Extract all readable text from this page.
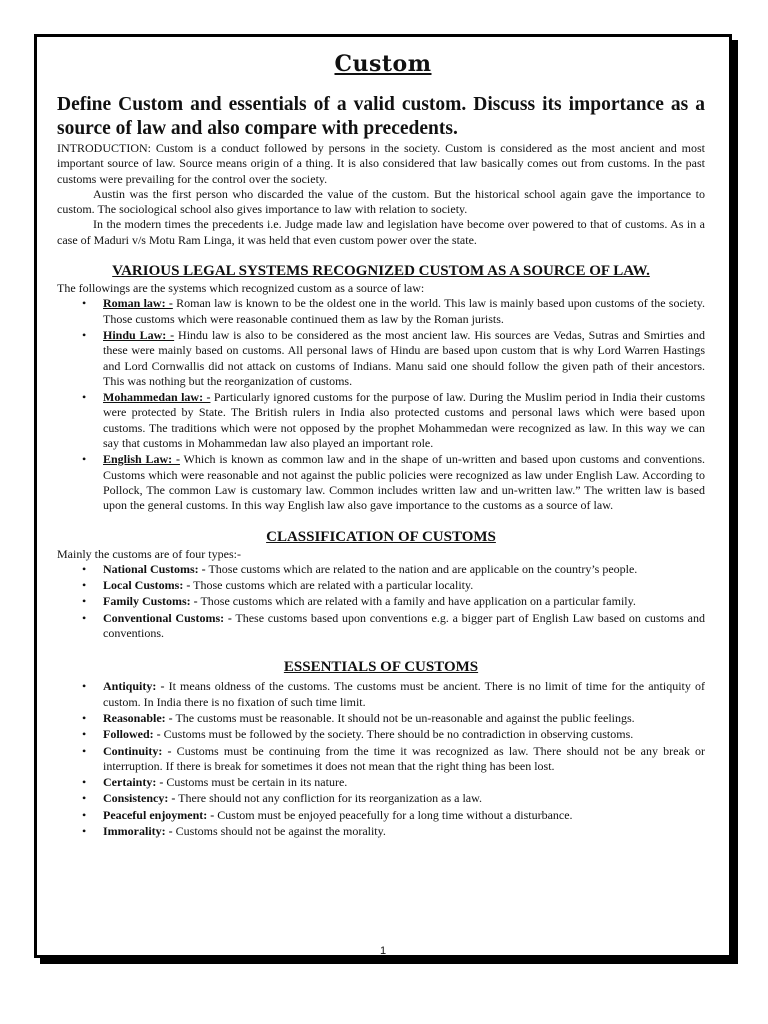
Custom

Define Custom and essentials of a valid custom. Discuss its importance as a source of law and also compare with precedents.

INTRODUCTION: Custom is a conduct followed by persons in the society. Custom is considered as the most ancient and most important source of law. Source means origin of a thing. It is also considered that law basically comes out from customs. In the past customs were prevailing for the control over the society.

Austin was the first person who discarded the value of the custom. But the historical school again gave the importance to custom. The sociological school also gives importance to law with relation to society.

In the modern times the precedents i.e. Judge made law and legislation have become over powered to that of customs. As in a case of Maduri v/s Motu Ram Linga, it was held that even custom power over the state.

VARIOUS LEGAL SYSTEMS RECOGNIZED CUSTOM AS A SOURCE OF LAW.

The followings are the systems which recognized custom as a source of law:

• Roman law: - Roman law is known to be the oldest one in the world. This law is mainly based upon customs of the society. Those customs which were reasonable continued them as law by the Roman jurists.
• Hindu Law: - Hindu law is also to be considered as the most ancient law. His sources are Vedas, Sutras and Smirties and these were mainly based on customs. All personal laws of Hindu are based upon custom that is why Lord Warren Hastings and Lord Cornwallis did not attack on customs of Indians. Manu said one should follow the given path of their ancestors. This was nothing but the reorganization of customs.
• Mohammedan law: - Particularly ignored customs for the purpose of law. During the Muslim period in India their customs were protected by State. The British rulers in India also protected customs and personal laws which were based upon customs. The traditions which were not opposed by the prophet Mohammedan were recognized as law. In this way we can say that customs in Mohammedan law also played an important role.
• English Law: - Which is known as common law and in the shape of un-written and based upon customs and conventions. Customs which were reasonable and not against the public policies were recognized as law under English Law. According to Pollock, The common Law is customary law. Common includes written law and un-written law.” The written law is based upon the general customs. In this way English law also gave importance to the customs as a source of law.
CLASSIFICATION OF CUSTOMS

Mainly the customs are of four types:-

• National Customs: - Those customs which are related to the nation and are applicable on the country’s people.
• Local Customs: - Those customs which are related with a particular locality.
• Family Customs: - Those customs which are related with a family and have application on a particular family.
• Conventional Customs: - These customs based upon conventions e.g. a bigger part of English Law based on customs and conventions.
ESSENTIALS OF CUSTOMS
• Antiquity: - It means oldness of the customs. The customs must be ancient. There is no limit of time for the antiquity of custom. In India there is no fixation of such time limit.
• Reasonable: - The customs must be reasonable. It should not be un-reasonable and against the public feelings.
• Followed: - Customs must be followed by the society. There should be no contradiction in observing customs.
• Continuity: - Customs must be continuing from the time it was recognized as law. There should not be any break or interruption. If there is break for sometimes it does not mean that the right thing has been lost.
• Certainty: - Customs must be certain in its nature.
• Consistency: - There should not any confliction for its reorganization as a law.
• Peaceful enjoyment: - Custom must be enjoyed peacefully for a long time without a disturbance.
• Immorality: - Customs should not be against the morality.
1
